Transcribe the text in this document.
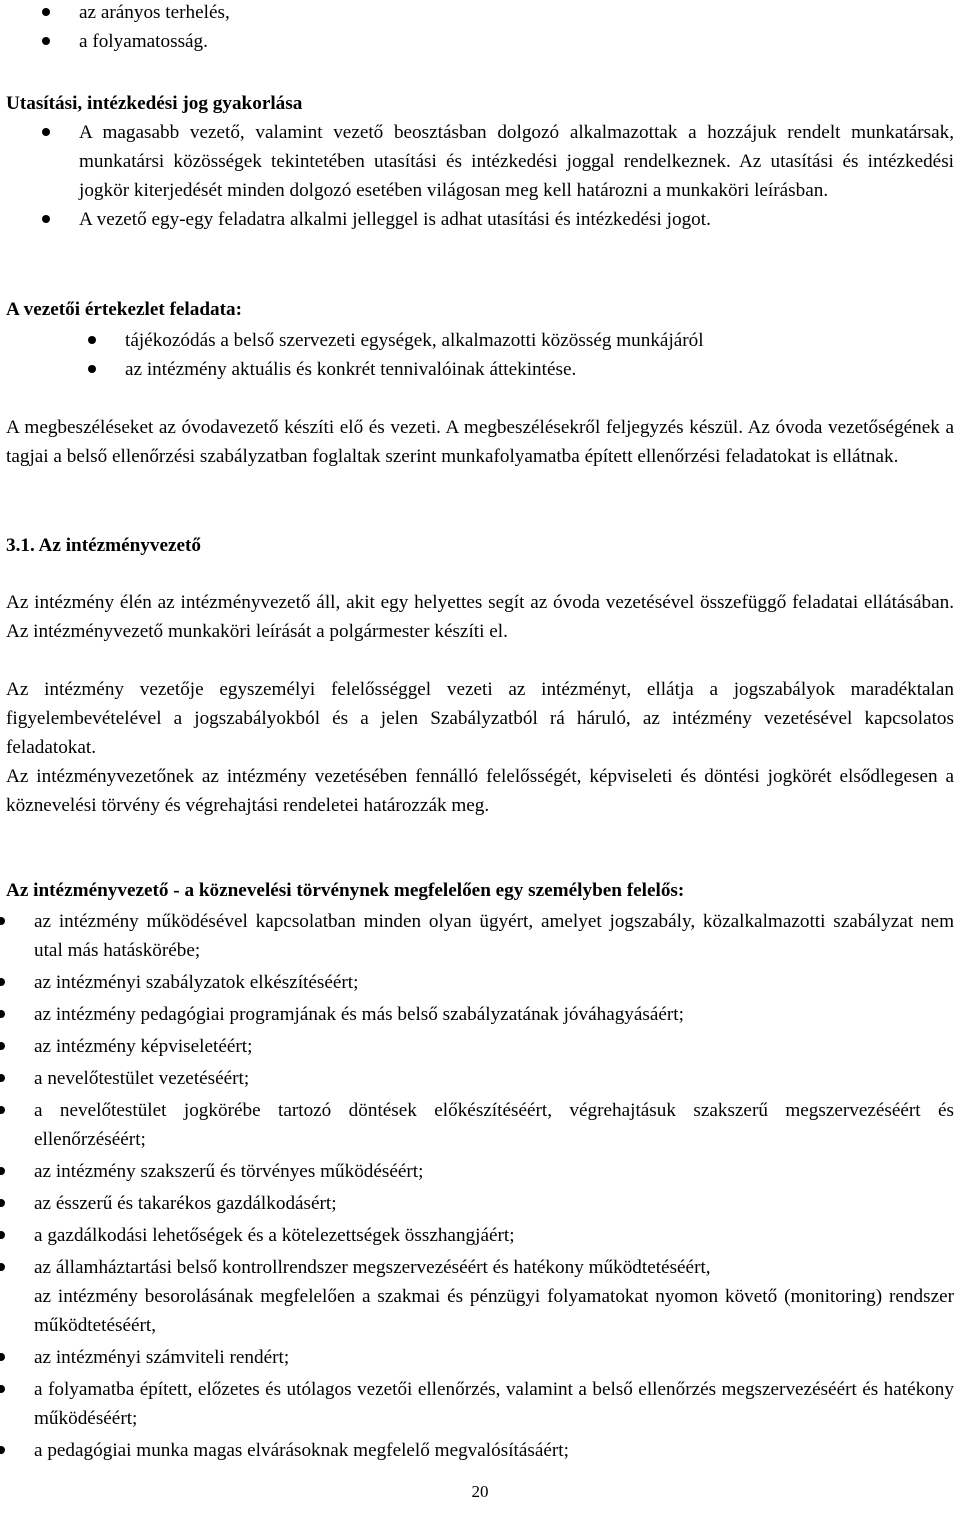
az arányos terhelés,
a folyamatosság.

Utasítási, intézkedési jog gyakorlása

A magasabb vezető, valamint vezető beosztásban dolgozó alkalmazottak a hozzájuk rendelt munkatársak, munkatársi közösségek tekintetében utasítási és intézkedési joggal rendelkeznek. Az utasítási és intézkedési jogkör kiterjedését minden dolgozó esetében világosan meg kell határozni a munkaköri leírásban.
A vezető egy-egy feladatra alkalmi jelleggel is adhat utasítási és intézkedési jogot.

A vezetői értekezlet feladata:

tájékozódás a belső szervezeti egységek, alkalmazotti közösség munkájáról
az intézmény aktuális és konkrét tennivalóinak áttekintése.

A megbeszéléseket az óvodavezető készíti elő és vezeti. A megbeszélésekről feljegyzés készül. Az óvoda vezetőségének a tagjai a belső ellenőrzési szabályzatban foglaltak szerint munkafolyamatba épített ellenőrzési feladatokat is ellátnak.

3.1. Az intézményvezető

Az intézmény élén az intézményvezető áll, akit egy helyettes segít az óvoda vezetésével összefüggő feladatai ellátásában. Az intézményvezető munkaköri leírását a polgármester készíti el.

Az intézmény vezetője egyszemélyi felelősséggel vezeti az intézményt, ellátja a jogszabályok maradéktalan figyelembevételével a jogszabályokból és a jelen Szabályzatból rá háruló, az intézmény vezetésével kapcsolatos feladatokat.

Az intézményvezetőnek az intézmény vezetésében fennálló felelősségét, képviseleti és döntési jogkörét elsődlegesen a köznevelési törvény és végrehajtási rendeletei határozzák meg.

Az intézményvezető - a köznevelési törvénynek megfelelően egy személyben felelős:

az intézmény működésével kapcsolatban minden olyan ügyért, amelyet jogszabály, közalkalmazotti szabályzat nem utal más hatáskörébe;
az intézményi szabályzatok elkészítéséért;
az intézmény pedagógiai programjának és más belső szabályzatának jóváhagyásáért;
az intézmény képviseletéért;
a nevelőtestület vezetéséért;
a nevelőtestület jogkörébe tartozó döntések előkészítéséért, végrehajtásuk szakszerű megszervezéséért és ellenőrzéséért;
az intézmény szakszerű és törvényes működéséért;
az ésszerű és takarékos gazdálkodásért;
a gazdálkodási lehetőségek és a kötelezettségek összhangjáért;
az államháztartási belső kontrollrendszer megszervezéséért és hatékony működtetéséért,
az intézmény besorolásának megfelelően a szakmai és pénzügyi folyamatokat nyomon követő (monitoring) rendszer működtetéséért,
az intézményi számviteli rendért;
a folyamatba épített, előzetes és utólagos vezetői ellenőrzés, valamint a belső ellenőrzés megszervezéséért és hatékony működéséért;
a pedagógiai munka magas elvárásoknak megfelelő megvalósításáért;
20
